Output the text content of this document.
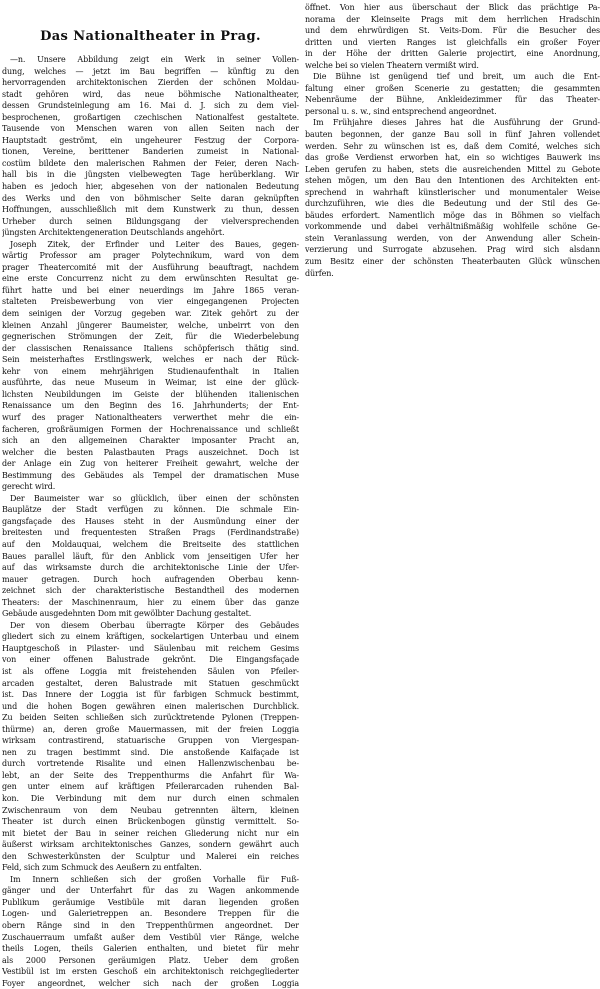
Das Nationaltheater in Prag.
—n. Unsere Abbildung zeigt ein Werk in seiner Vollen-
dung, welches — jetzt im Bau begriffen — künftig zu den
hervorragenden architektonischen Zierden der schönen Moldau-
stadt gehören wird, das neue böhmische Nationaltheater,
dessen Grundsteinlegung am 16. Mai d. J. sich zu dem viel-
besprochenen, großartigen czechischen Nationalfest gestaltete.
Tausende von Menschen waren von allen Seiten nach der
Hauptstadt geströmt, ein ungeheurer Festzug der Corpora-
tionen, Vereine, berittener Banderien zumeist in National-
costüm bildete den malerischen Rahmen der Feier, deren Nach-
hall bis in die jüngsten vielbewegten Tage herüberklang. Wir
haben es jedoch hier, abgesehen von der nationalen Bedeutung
des Werks und den von böhmischer Seite daran geknüpften
Hoffnungen, ausschließlich mit dem Kunstwerk zu thun, dessen
Urheber durch seinen Bildungsgang der vielversprechenden
jüngsten Architektengeneration Deutschlands angehört.
Joseph Zitek, der Erfinder und Leiter des Baues, gegen-
wärtig Professor am prager Polytechnikum, ward von dem
prager Theatercomité mit der Ausführung beauftragt, nachdem
eine erste Concurrenz nicht zu dem erwünschten Resultat ge-
führt hatte und bei einer neuerdings im Jahre 1865 veran-
stalteten Preisbewerbung von vier eingegangenen Projecten
dem seinigen der Vorzug gegeben war. Zitek gehört zu der
kleinen Anzahl jüngerer Baumeister, welche, unbeirrt von den
gegnerischen Strömungen der Zeit, für die Wiederbelebung
der classischen Renaissance Italiens schöpferisch thätig sind.
Sein meisterhaftes Erstlingswerk, welches er nach der Rück-
kehr von einem mehrjährigen Studienaufenthalt in Italien
ausführte, das neue Museum in Weimar, ist eine der glück-
lichsten Neubildungen im Geiste der blühenden italienischen
Renaissance um den Beginn des 16. Jahrhunderts; der Ent-
wurf des prager Nationaltheaters verwerthet mehr die ein-
facheren, großräumigen Formen der Hochrenaissance und schließt
sich an den allgemeinen Charakter imposanter Pracht an,
welcher die besten Palastbauten Prags auszeichnet. Doch ist
der Anlage ein Zug von heiterer Freiheit gewahrt, welche der
Bestimmung des Gebäudes als Tempel der dramatischen Muse
gerecht wird.
Der Baumeister war so glücklich, über einen der schönsten
Bauplätze der Stadt verfügen zu können. Die schmale Ein-
gangsfaçade des Hauses steht in der Ausmündung einer der
breitesten und frequentesten Straßen Prags (Ferdinandstraße)
auf den Moldauquai, welchem die Breitseite des stattlichen
Baues parallel läuft, für den Anblick vom jenseitigen Ufer her
auf das wirksamste durch die architektonische Linie der Ufer-
mauer getragen. Durch hoch aufragenden Oberbau kenn-
zeichnet sich der charakteristische Bestandtheil des modernen
Theaters: der Maschinenraum, hier zu einem über das ganze
Gebäude ausgedehnten Dom mit gewölbter Dachung gestaltet.
Der von diesem Oberbau überragte Körper des Gebäudes
gliedert sich zu einem kräftigen, sockelartigen Unterbau und einem
Hauptgeschoß in Pilaster- und Säulenbau mit reichem Gesims
von einer offenen Balustrade gekrönt. Die Eingangsfaçade
ist als offene Loggia mit freistehenden Säulen von Pfeiler-
arcaden gestaltet, deren Balustrade mit Statuen geschmückt
ist. Das Innere der Loggia ist für farbigen Schmuck bestimmt,
und die hohen Bogen gewähren einen malerischen Durchblick.
Zu beiden Seiten schließen sich zurücktretende Pylonen (Treppen-
thürme) an, deren große Mauermassen, mit der freien Loggia
wirksam contrastirend, statuarische Gruppen von Viergespan-
nen zu tragen bestimmt sind. Die anstoßende Kaifaçade ist
durch vortretende Risalite und einen Hallenzwischenbau be-
lebt, an der Seite des Treppenthurms die Anfahrt für Wa-
gen unter einem auf kräftigen Pfeilerarcaden ruhenden Bal-
kon. Die Verbindung mit dem nur durch einen schmalen
Zwischenraum von dem Neubau getrennten ältern, kleinen
Theater ist durch einen Brückenbogen günstig vermittelt. So-
mit bietet der Bau in seiner reichen Gliederung nicht nur ein
äußerst wirksam architektonisches Ganzes, sondern gewährt auch
den Schwesterkünsten der Sculptur und Malerei ein reiches
Feld, sich zum Schmuck des Aeußern zu entfalten.
Im Innern schließen sich der großen Vorhalle für Fuß-
gänger und der Unterfahrt für das zu Wagen ankommende
Publikum geräumige Vestibüle mit daran liegenden großen
Logen- und Galerietreppen an. Besondere Treppen für die
obern Ränge sind in den Treppenthürmen angeordnet. Der
Zuschauerraum umfaßt außer dem Vestibül vier Ränge, welche
theils Logen, theils Galerien enthalten, und bietet für mehr
als 2000 Personen geräumigen Platz. Ueber dem großen
Vestibül ist im ersten Geschoß ein architektonisch reichgegliederter
Foyer angeordnet, welcher sich nach der großen Loggia
öffnet. Von hier aus überschaut der Blick das prächtige Pa-
norama der Kleinseite Prags mit dem herrlichen Hradschin
und dem ehrwürdigen St. Veits-Dom. Für die Besucher des
dritten und vierten Ranges ist gleichfalls ein großer Foyer
in der Höhe der dritten Galerie projectirt, eine Anordnung,
welche bei so vielen Theatern vermißt wird.
Die Bühne ist genügend tief und breit, um auch die Ent-
faltung einer großen Scenerie zu gestatten; die gesammten
Nebenräume der Bühne, Ankleidezimmer für das Theater-
personal u. s. w., sind entsprechend angeordnet.
Im Frühjahre dieses Jahres hat die Ausführung der Grund-
bauten begonnen, der ganze Bau soll in fünf Jahren vollendet
werden. Sehr zu wünschen ist es, daß dem Comité, welches sich
das große Verdienst erworben hat, ein so wichtiges Bauwerk ins
Leben gerufen zu haben, stets die ausreichenden Mittel zu Gebote
stehen mögen, um den Bau den Intentionen des Architekten ent-
sprechend in wahrhaft künstlerischer und monumentaler Weise
durchzuführen, wie dies die Bedeutung und der Stil des Ge-
bäudes erfordert. Namentlich möge das in Böhmen so vielfach
vorkommende und dabei verhältnißmäßig wohlfeile schöne Ge-
stein Veranlassung werden, von der Anwendung aller Schein-
verzierung und Surrogate abzusehen. Prag wird sich alsdann
zum Besitz einer der schönsten Theaterbauten Glück wünschen
dürfen.
